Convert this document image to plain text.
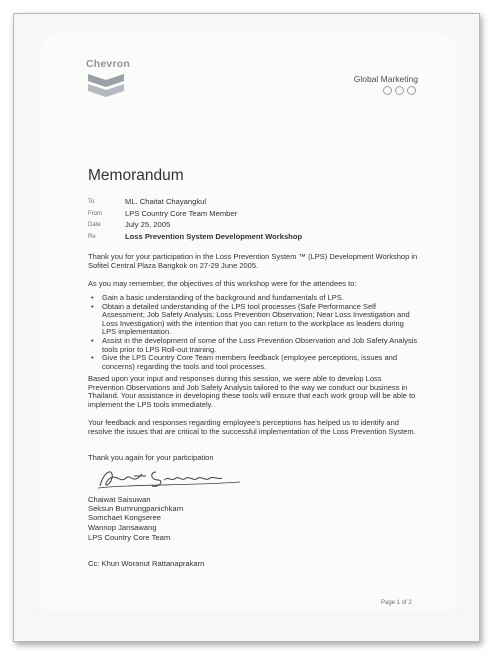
Chevron
Global Marketing
Memorandum
To	ML. Chaitat Chayangkul
From	LPS Country Core Team Member
Date	July 25, 2005
Re	Loss Prevention System Development Workshop
Thank you for your participation in the Loss Prevention System ™ (LPS) Development Workshop in Sofitel Central Plaza Bangkok on 27-29 June 2005.
As you may remember, the objectives of this workshop were for the attendees to:
• Gain a basic understanding of the background and fundamentals of LPS.
• Obtain a detailed understanding of the LPS tool processes (Safe Performance Self Assessment; Job Safety Analysis; Loss Prevention Observation; Near Loss Investigation and Loss Investigation) with the intention that you can return to the workplace as leaders during LPS implementation.
• Assist in the development of some of the Loss Prevention Observation and Job Safety Analysis tools prior to LPS Roll-out training.
• Give the LPS Country Core Team members feedback (employee perceptions, issues and concerns) regarding the tools and tool processes.
Based upon your input and responses during this session, we were able to develop Loss Prevention Observations and Job Safety Analysis tailored to the way we conduct our business in Thailand. Your assistance in developing these tools will ensure that each work group will be able to implement the LPS tools immediately.
Your feedback and responses regarding employee's perceptions has helped us to identify and resolve the issues that are critical to the successful implementation of the Loss Prevention System.
Thank you again for your participation
Chaiwat Saisuwan
Seksun Bumrungpanichkarn
Somchaet Kongseree
Wannop Jansawang
LPS Country Core Team
Cc: Khun Woranut Rattanaprakarn
Page 1 of 2
